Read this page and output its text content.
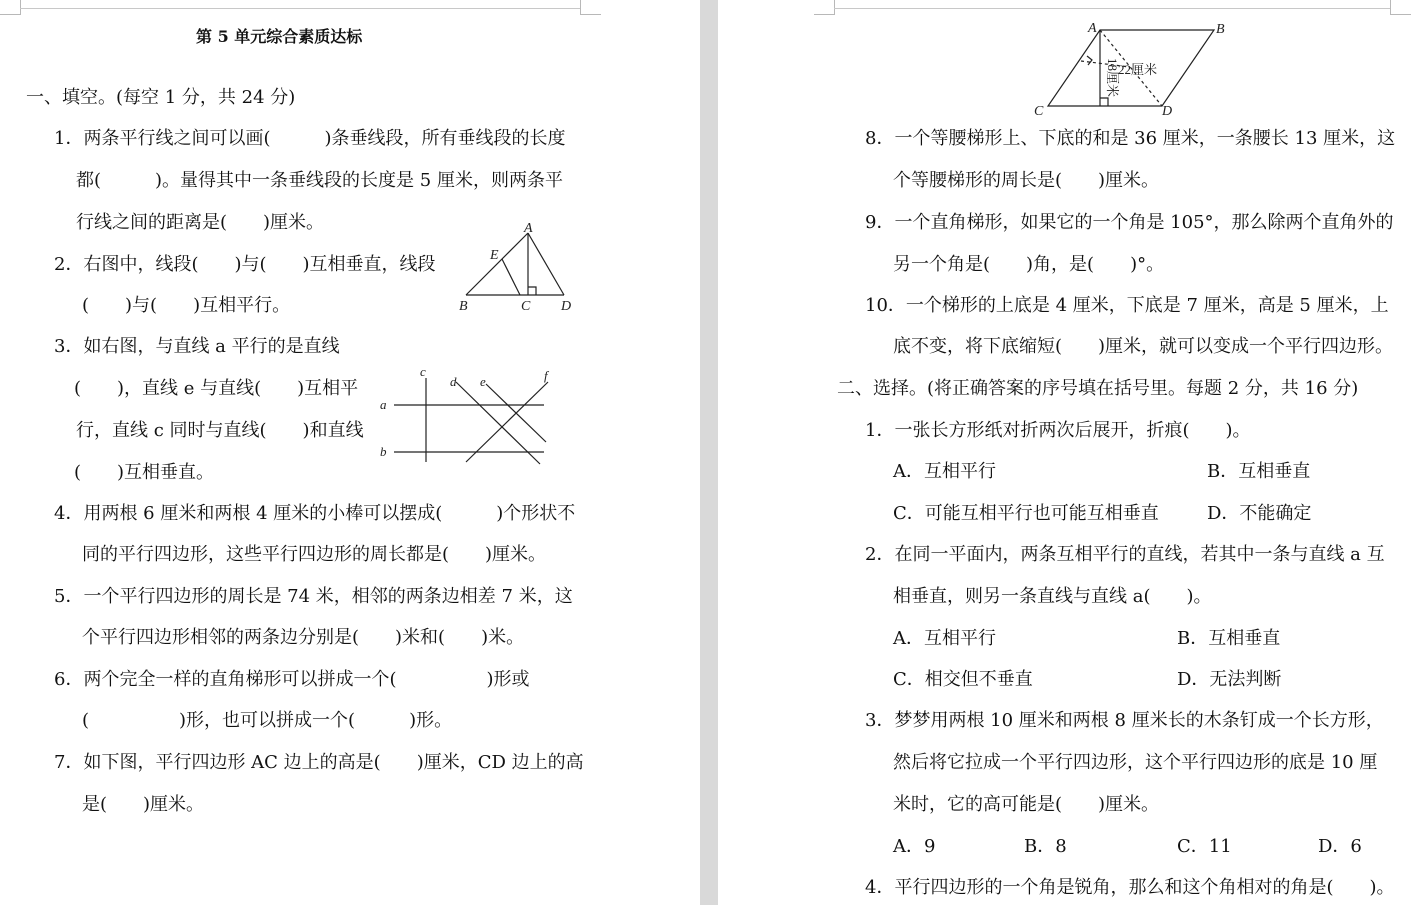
第 5 单元综合素质达标
一、填空。(每空 1 分，共 24 分)
1．两条平行线之间可以画(　　　)条垂线段，所有垂线段的长度
都(　　　)。量得其中一条垂线段的长度是 5 厘米，则两条平
行线之间的距离是(　　)厘米。
2．右图中，线段(　　)与(　　)互相垂直，线段
(　　)与(　　)互相平行。
3．如右图，与直线 a 平行的是直线
(　　)，直线 e 与直线(　　)互相平
行，直线 c 同时与直线(　　)和直线
(　　)互相垂直。
4．用两根 6 厘米和两根 4 厘米的小棒可以摆成(　　　)个形状不
同的平行四边形，这些平行四边形的周长都是(　　)厘米。
5．一个平行四边形的周长是 74 米，相邻的两条边相差 7 米，这
个平行四边形相邻的两条边分别是(　　)米和(　　)米。
6．两个完全一样的直角梯形可以拼成一个(　　　　　)形或
(　　　　　)形，也可以拼成一个(　　　)形。
7．如下图，平行四边形 AC 边上的高是(　　)厘米，CD 边上的高
是(　　)厘米。
A
E
B	C D
c
d e	f
a
b
A	B
C	D
18厘米
22厘米
8．一个等腰梯形上、下底的和是 36 厘米，一条腰长 13 厘米，这
个等腰梯形的周长是(　　)厘米。
9．一个直角梯形，如果它的一个角是 105°，那么除两个直角外的
另一个角是(　　)角，是(　　)°。
10．一个梯形的上底是 4 厘米，下底是 7 厘米，高是 5 厘米，上
底不变，将下底缩短(　　)厘米，就可以变成一个平行四边形。
二、选择。(将正确答案的序号填在括号里。每题 2 分，共 16 分)
1．一张长方形纸对折两次后展开，折痕(　　)。
A．互相平行	B．互相垂直
C．可能互相平行也可能互相垂直	D．不能确定
2．在同一平面内，两条互相平行的直线，若其中一条与直线 a 互
相垂直，则另一条直线与直线 a(　　)。
A．互相平行	B．互相垂直
C．相交但不垂直	D．无法判断
3．梦梦用两根 10 厘米和两根 8 厘米长的木条钉成一个长方形，
然后将它拉成一个平行四边形，这个平行四边形的底是 10 厘
米时，它的高可能是(　　)厘米。
A．9	B．8	C．11	D．6
4．平行四边形的一个角是锐角，那么和这个角相对的角是(　　)。
